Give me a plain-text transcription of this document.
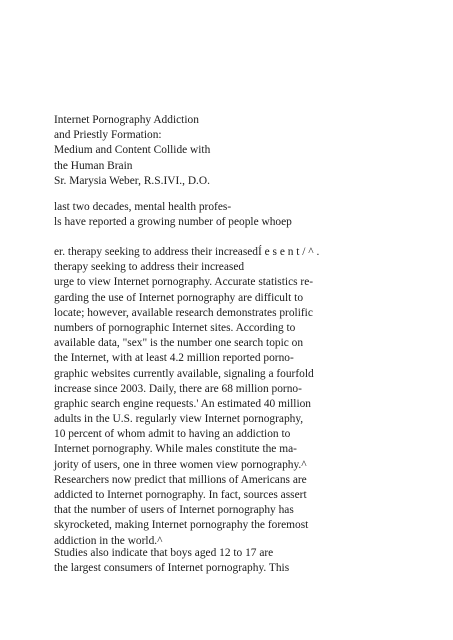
Internet Pornography Addiction
and Priestly Formation:
Medium and Content Collide with
the Human Brain
Sr. Marysia Weber, R.S.IVI., D.O.
last two decades, mental health profes-
ls have reported a growing number of people whoep
er. therapy seeking to address their increasedÍ e s e n t / ^ .
therapy seeking to address their increased
urge to view Internet pornography. Accurate statistics re-
garding the use of Internet pornography are difficult to
locate; however, available research demonstrates prolific
numbers of pornographic Internet sites. According to
available data, "sex" is the number one search topic on
the Internet, with at least 4.2 million reported porno-
graphic websites currently available, signaling a fourfold
increase since 2003. Daily, there are 68 million porno-
graphic search engine requests.' An estimated 40 million
adults in the U.S. regularly view Internet pornography,
10 percent of whom admit to having an addiction to
Internet pornography. While males constitute the ma-
jority of users, one in three women view pornography.^
Researchers now predict that millions of Americans are
addicted to Internet pornography. In fact, sources assert
that the number of users of Internet pornography has
skyrocketed, making Internet pornography the foremost
addiction in the world.^
Studies also indicate that boys aged 12 to 17 are
the largest consumers of Internet pornography. This
